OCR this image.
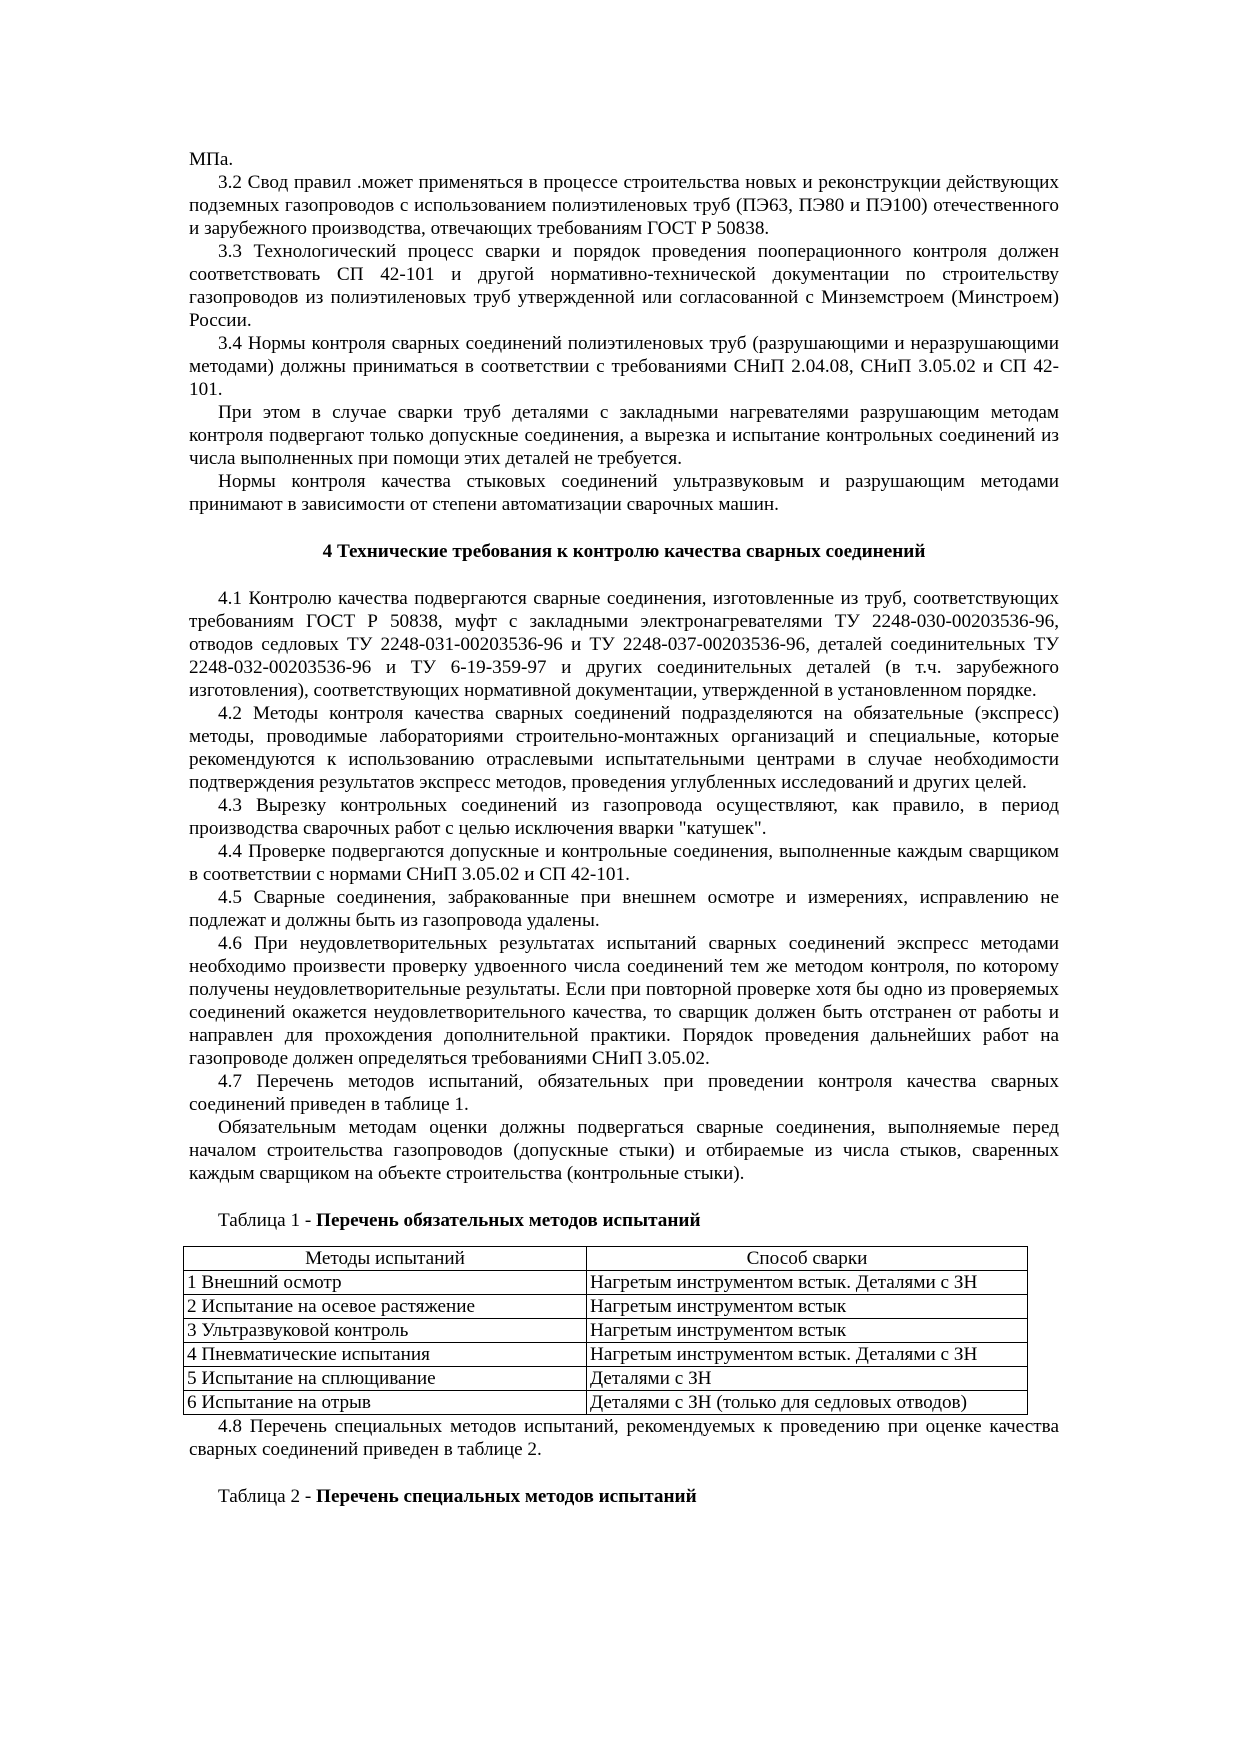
МПа.

3.2 Свод правил .может применяться в процессе строительства новых и реконструкции действующих подземных газопроводов с использованием полиэтиленовых труб (ПЭ63, ПЭ80 и ПЭ100) отечественного и зарубежного производства, отвечающих требованиям ГОСТ Р 50838.

3.3 Технологический процесс сварки и порядок проведения пооперационного контроля должен соответствовать СП 42-101 и другой нормативно-технической документации по строительству газопроводов из полиэтиленовых труб утвержденной или согласованной с Минземстроем (Минстроем) России.

3.4 Нормы контроля сварных соединений полиэтиленовых труб (разрушающими и неразрушающими методами) должны приниматься в соответствии с требованиями СНиП 2.04.08, СНиП 3.05.02 и СП 42-101.

При этом в случае сварки труб деталями с закладными нагревателями разрушающим методам контроля подвергают только допускные соединения, а вырезка и испытание контрольных соединений из числа выполненных при помощи этих деталей не требуется.

Нормы контроля качества стыковых соединений ультразвуковым и разрушающим методами принимают в зависимости от степени автоматизации сварочных машин.

4 Технические требования к контролю качества сварных соединений

4.1 Контролю качества подвергаются сварные соединения, изготовленные из труб, соответствующих требованиям ГОСТ Р 50838, муфт с закладными электронагревателями ТУ 2248-030-00203536-96, отводов седловых ТУ 2248-031-00203536-96 и ТУ 2248-037-00203536-96, деталей соединительных ТУ 2248-032-00203536-96 и ТУ 6-19-359-97 и других соединительных деталей (в т.ч. зарубежного изготовления), соответствующих нормативной документации, утвержденной в установленном порядке.

4.2 Методы контроля качества сварных соединений подразделяются на обязательные (экспресс) методы, проводимые лабораториями строительно-монтажных организаций и специальные, которые рекомендуются к использованию отраслевыми испытательными центрами в случае необходимости подтверждения результатов экспресс методов, проведения углубленных исследований и других целей.

4.3 Вырезку контрольных соединений из газопровода осуществляют, как правило, в период производства сварочных работ с целью исключения вварки "катушек".

4.4 Проверке подвергаются допускные и контрольные соединения, выполненные каждым сварщиком в соответствии с нормами СНиП 3.05.02 и СП 42-101.

4.5 Сварные соединения, забракованные при внешнем осмотре и измерениях, исправлению не подлежат и должны быть из газопровода удалены.

4.6 При неудовлетворительных результатах испытаний сварных соединений экспресс методами необходимо произвести проверку удвоенного числа соединений тем же методом контроля, по которому получены неудовлетворительные результаты. Если при повторной проверке хотя бы одно из проверяемых соединений окажется неудовлетворительного качества, то сварщик должен быть отстранен от работы и направлен для прохождения дополнительной практики. Порядок проведения дальнейших работ на газопроводе должен определяться требованиями СНиП 3.05.02.

4.7 Перечень методов испытаний, обязательных при проведении контроля качества сварных соединений приведен в таблице 1.

Обязательным методам оценки должны подвергаться сварные соединения, выполняемые перед началом строительства газопроводов (допускные стыки) и отбираемые из числа стыков, сваренных каждым сварщиком на объекте строительства (контрольные стыки).

Таблица 1 - Перечень обязательных методов испытаний

Методы испытаний	Способ сварки
1 Внешний осмотр	Нагретым инструментом встык. Деталями с ЗН
2 Испытание на осевое растяжение	Нагретым инструментом встык
3 Ультразвуковой контроль	Нагретым инструментом встык
4 Пневматические испытания	Нагретым инструментом встык. Деталями с ЗН
5 Испытание на сплющивание	Деталями с ЗН
6 Испытание на отрыв	Деталями с ЗН (только для седловых отводов)

4.8 Перечень специальных методов испытаний, рекомендуемых к проведению при оценке качества сварных соединений приведен в таблице 2.

Таблица 2 - Перечень специальных методов испытаний
